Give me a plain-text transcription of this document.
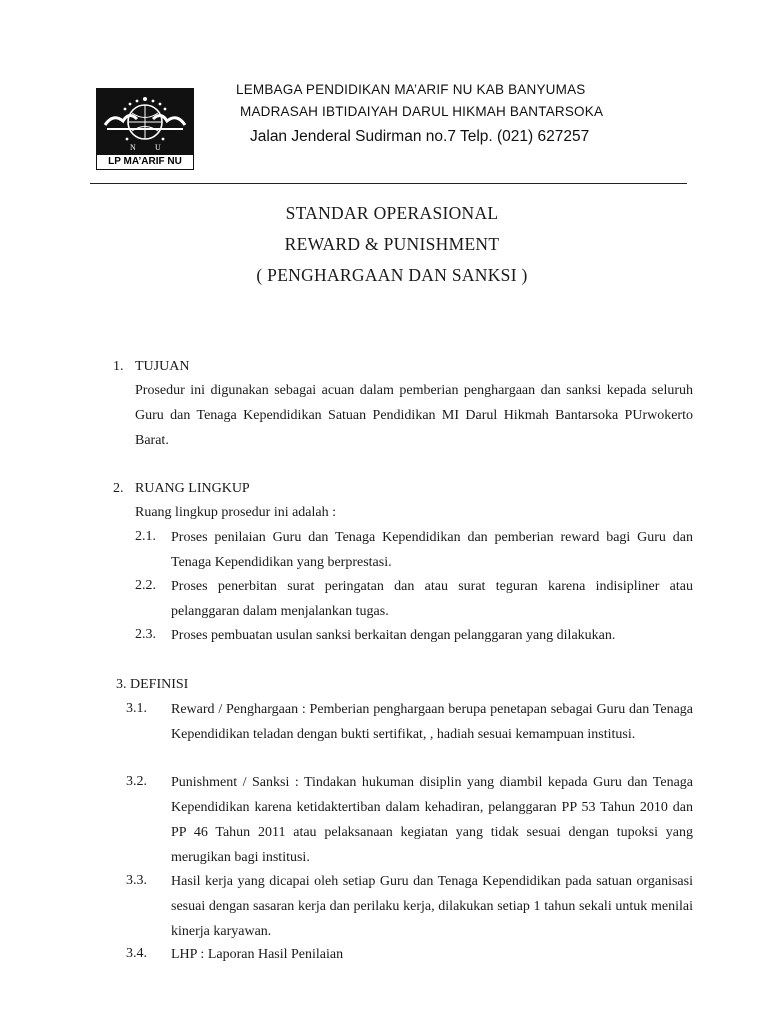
N U
LP MA’ARIF NU
LEMBAGA PENDIDIKAN MA’ARIF NU KAB BANYUMAS
MADRASAH IBTIDAIYAH DARUL HIKMAH BANTARSOKA
Jalan Jenderal Sudirman no.7 Telp. (021) 627257
STANDAR OPERASIONAL
REWARD & PUNISHMENT
( PENGHARGAAN DAN SANKSI )
1. TUJUAN
Prosedur ini digunakan sebagai acuan dalam pemberian penghargaan dan sanksi kepada seluruh Guru dan Tenaga Kependidikan Satuan Pendidikan MI Darul Hikmah Bantarsoka PUrwokerto Barat.
2. RUANG LINGKUP
Ruang lingkup prosedur ini adalah :
2.1. Proses penilaian Guru dan Tenaga Kependidikan dan pemberian reward bagi Guru dan Tenaga Kependidikan yang berprestasi.
2.2. Proses penerbitan surat peringatan dan atau surat teguran karena indisipliner atau pelanggaran dalam menjalankan tugas.
2.3. Proses pembuatan usulan sanksi berkaitan dengan pelanggaran yang dilakukan.
3. DEFINISI
3.1. Reward / Penghargaan : Pemberian penghargaan berupa penetapan sebagai Guru dan Tenaga Kependidikan teladan dengan bukti sertifikat, , hadiah sesuai kemampuan institusi.
3.2. Punishment / Sanksi : Tindakan hukuman disiplin yang diambil kepada Guru dan Tenaga Kependidikan karena ketidaktertiban dalam kehadiran, pelanggaran PP 53 Tahun 2010 dan PP 46 Tahun 2011 atau pelaksanaan kegiatan yang tidak sesuai dengan tupoksi yang merugikan bagi institusi.
3.3. Hasil kerja yang dicapai oleh setiap Guru dan Tenaga Kependidikan pada satuan organisasi sesuai dengan sasaran kerja dan perilaku kerja, dilakukan setiap 1 tahun sekali untuk menilai kinerja karyawan.
3.4. LHP : Laporan Hasil Penilaian
